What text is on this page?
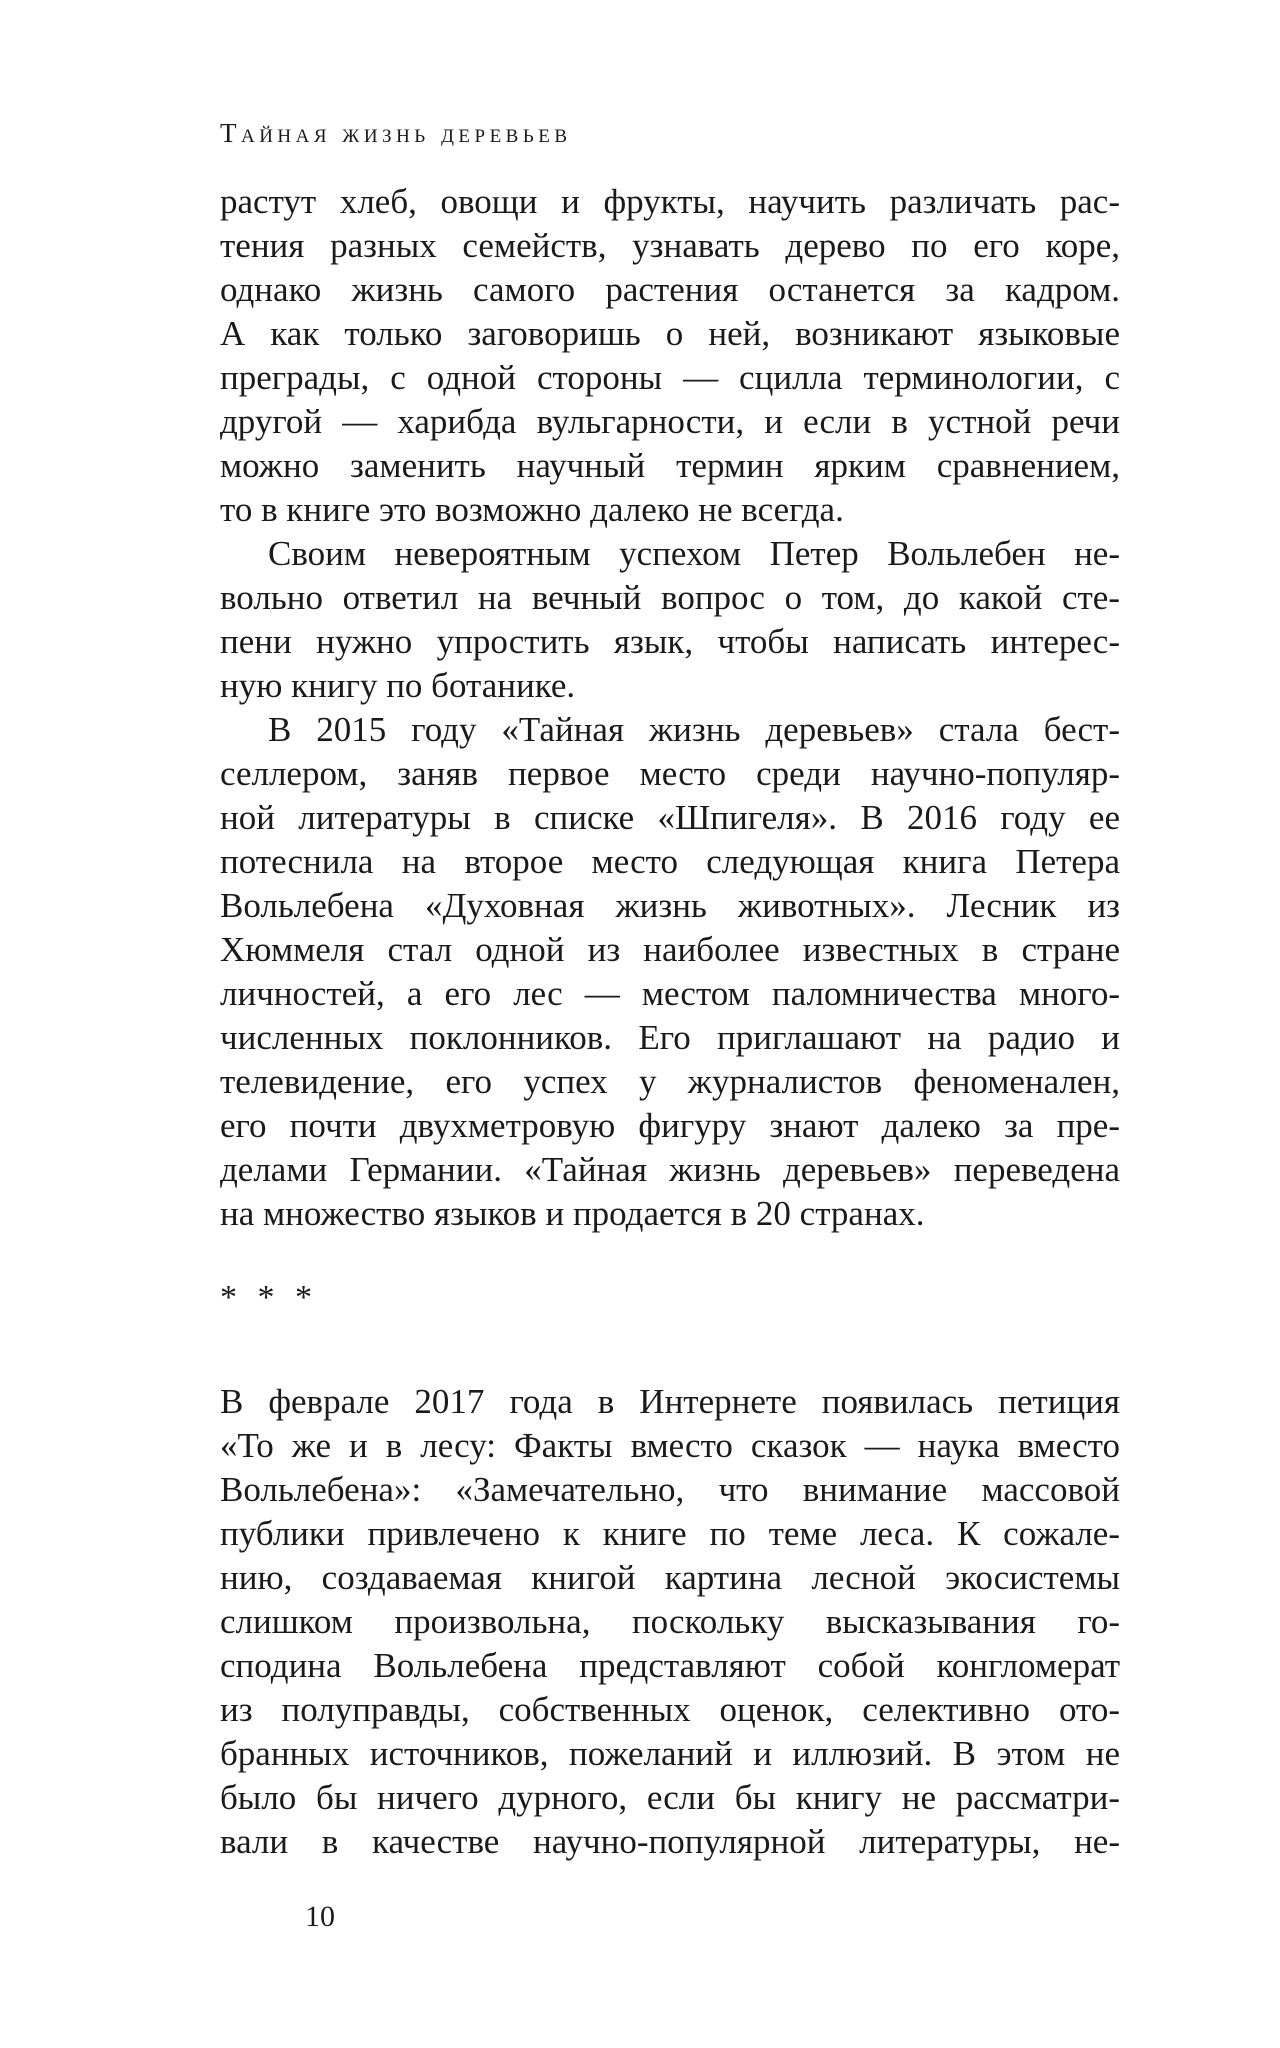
Тайная жизнь деревьев
растут хлеб, овощи и фрукты, научить различать рас-
тения разных семейств, узнавать дерево по его коре,
однако жизнь самого растения останется за кадром.
А как только заговоришь о ней, возникают языковые
преграды, с одной стороны — сцилла терминологии, с
другой — харибда вульгарности, и если в устной речи
можно заменить научный термин ярким сравнением,
то в книге это возможно далеко не всегда.
Своим невероятным успехом Петер Вольлебен не-
вольно ответил на вечный вопрос о том, до какой сте-
пени нужно упростить язык, чтобы написать интерес-
ную книгу по ботанике.
В 2015 году «Тайная жизнь деревьев» стала бест-
селлером, заняв первое место среди научно-популяр-
ной литературы в списке «Шпигеля». В 2016 году ее
потеснила на второе место следующая книга Петера
Вольлебена «Духовная жизнь животных». Лесник из
Хюммеля стал одной из наиболее известных в стране
личностей, а его лес — местом паломничества много-
численных поклонников. Его приглашают на радио и
телевидение, его успех у журналистов феноменален,
его почти двухметровую фигуру знают далеко за пре-
делами Германии. «Тайная жизнь деревьев» переведена
на множество языков и продается в 20 странах.
* * *
В феврале 2017 года в Интернете появилась петиция
«То же и в лесу: Факты вместо сказок — наука вместо
Вольлебена»: «Замечательно, что внимание массовой
публики привлечено к книге по теме леса. К сожале-
нию, создаваемая книгой картина лесной экосистемы
слишком произвольна, поскольку высказывания го-
сподина Вольлебена представляют собой конгломерат
из полуправды, собственных оценок, селективно ото-
бранных источников, пожеланий и иллюзий. В этом не
было бы ничего дурного, если бы книгу не рассматри-
вали в качестве научно-популярной литературы, не-
10
